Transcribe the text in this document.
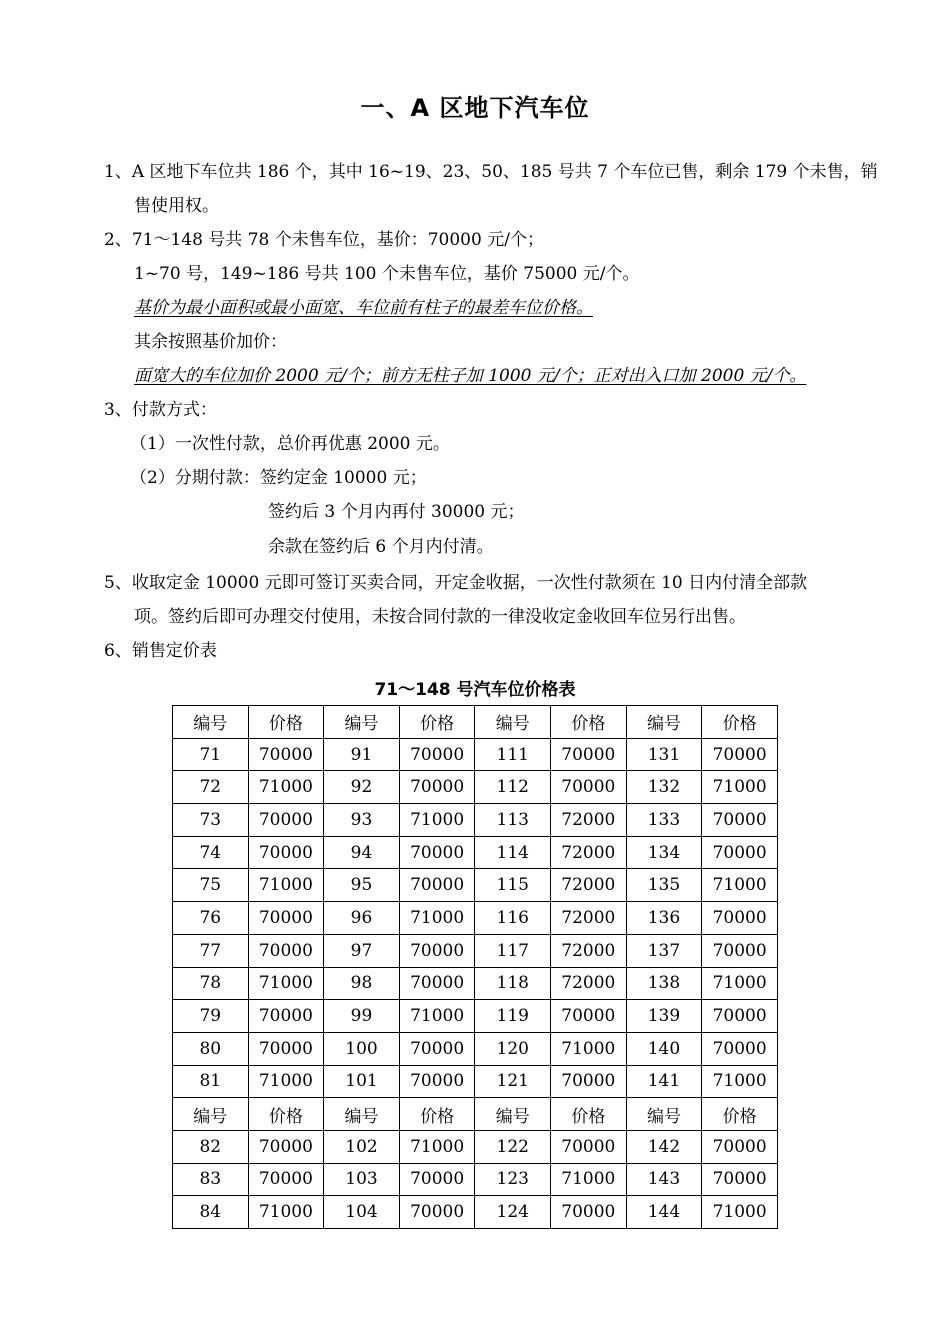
一、A 区地下汽车位
1、A 区地下车位共 186 个，其中 16~19、23、50、185 号共 7 个车位已售，剩余 179 个未售，销
售使用权。
2、71～148 号共 78 个未售车位，基价：70000 元/个；
1~70 号，149~186 号共 100 个未售车位，基价 75000 元/个。
基价为最小面积或最小面宽、车位前有柱子的最差车位价格。
其余按照基价加价：
面宽大的车位加价 2000 元/个；前方无柱子加 1000 元/个；正对出入口加 2000 元/个。
3、付款方式：
（1）一次性付款，总价再优惠 2000 元。
（2）分期付款：签约定金 10000 元；
签约后 3 个月内再付 30000 元；
余款在签约后 6 个月内付清。
5、收取定金 10000 元即可签订买卖合同，开定金收据，一次性付款须在 10 日内付清全部款
项。签约后即可办理交付使用，未按合同付款的一律没收定金收回车位另行出售。
6、销售定价表
71～148 号汽车位价格表
编号	价格	编号	价格	编号	价格	编号	价格
71	70000	91	70000	111	70000	131	70000
72	71000	92	70000	112	70000	132	71000
73	70000	93	71000	113	72000	133	70000
74	70000	94	70000	114	72000	134	70000
75	71000	95	70000	115	72000	135	71000
76	70000	96	71000	116	72000	136	70000
77	70000	97	70000	117	72000	137	70000
78	71000	98	70000	118	72000	138	71000
79	70000	99	71000	119	70000	139	70000
80	70000	100	70000	120	71000	140	70000
81	71000	101	70000	121	70000	141	71000
编号	价格	编号	价格	编号	价格	编号	价格
82	70000	102	71000	122	70000	142	70000
83	70000	103	70000	123	71000	143	70000
84	71000	104	70000	124	70000	144	71000
